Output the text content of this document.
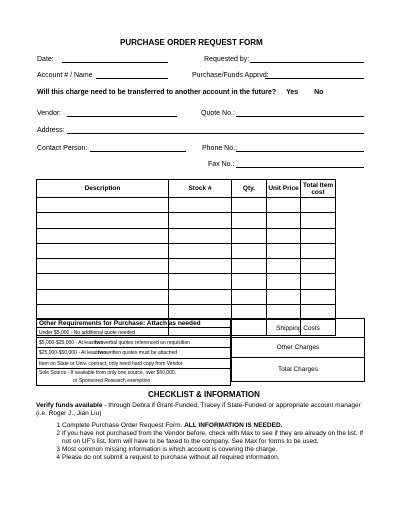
PURCHASE ORDER REQUEST FORM
Date:	Requested by:
Account # / Name	Purchase/Funds Apprvd:
Will this charge need to be transferred to another account in the future? Yes No
Vendor:	Quote No.:
Address:
Contact Person:	Phone No.:
Fax No.:
Description	Stock #	Qty.	Unit Price	Total Item cost

Other Requirements for Purchase: Attach as needed
Under $5,000 - No additional quote needed
$5,000-$25,000 - At least two verbal quotes referenced on requisition
$25,000-$50,000 - At least two written quotes must be attached
Item on State or Univ. contract, only need hard copy from Vendor
Sole Source - If available from only one source, over $50,000,
or Sponsored Research exemption
Shipping Costs
Other Charges
Total Charges
CHECKLIST & INFORMATION
Verify funds available - through Debra if Grant-Funded, Tracey if State-Funded or appropriate account manager (i.e. Roger J., Jian Liu)
1 Complete Purchase Order Request Form. ALL INFORMATION IS NEEDED.
2 If you have not purchased from the Vendor before, check with Max to see if they are already on the list. If not on UF's list, form will have to be faxed to the company. See Max for forms to be used.
3 Most common missing information is which account is covering the charge.
4 Please do not submit a request to purchase without all required information.
